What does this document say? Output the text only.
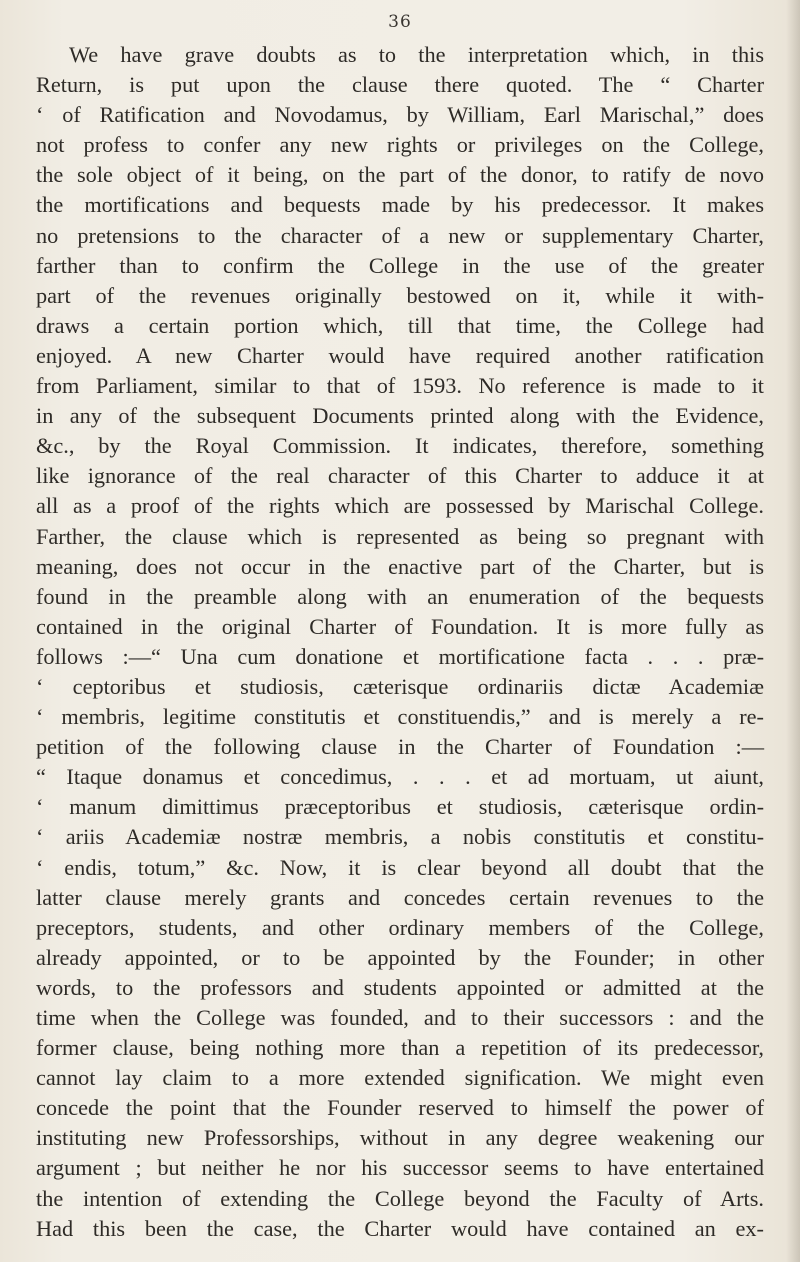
36
We have grave doubts as to the interpretation which, in this
Return, is put upon the clause there quoted. The “ Charter
‘ of Ratification and Novodamus, by William, Earl Marischal,” does
not profess to confer any new rights or privileges on the College,
the sole object of it being, on the part of the donor, to ratify de novo
the mortifications and bequests made by his predecessor. It makes
no pretensions to the character of a new or supplementary Charter,
farther than to confirm the College in the use of the greater
part of the revenues originally bestowed on it, while it with-
draws a certain portion which, till that time, the College had
enjoyed. A new Charter would have required another ratification
from Parliament, similar to that of 1593. No reference is made to it
in any of the subsequent Documents printed along with the Evidence,
&c., by the Royal Commission. It indicates, therefore, something
like ignorance of the real character of this Charter to adduce it at
all as a proof of the rights which are possessed by Marischal College.
Farther, the clause which is represented as being so pregnant with
meaning, does not occur in the enactive part of the Charter, but is
found in the preamble along with an enumeration of the bequests
contained in the original Charter of Foundation. It is more fully as
follows :—“ Una cum donatione et mortificatione facta . . . præ-
‘ ceptoribus et studiosis, cæterisque ordinariis dictæ Academiæ
‘ membris, legitime constitutis et constituendis,” and is merely a re-
petition of the following clause in the Charter of Foundation :—
“ Itaque donamus et concedimus, . . . et ad mortuam, ut aiunt,
‘ manum dimittimus præceptoribus et studiosis, cæterisque ordin-
‘ ariis Academiæ nostræ membris, a nobis constitutis et constitu-
‘ endis, totum,” &c. Now, it is clear beyond all doubt that the
latter clause merely grants and concedes certain revenues to the
preceptors, students, and other ordinary members of the College,
already appointed, or to be appointed by the Founder; in other
words, to the professors and students appointed or admitted at the
time when the College was founded, and to their successors : and the
former clause, being nothing more than a repetition of its predecessor,
cannot lay claim to a more extended signification. We might even
concede the point that the Founder reserved to himself the power of
instituting new Professorships, without in any degree weakening our
argument ; but neither he nor his successor seems to have entertained
the intention of extending the College beyond the Faculty of Arts.
Had this been the case, the Charter would have contained an ex-
